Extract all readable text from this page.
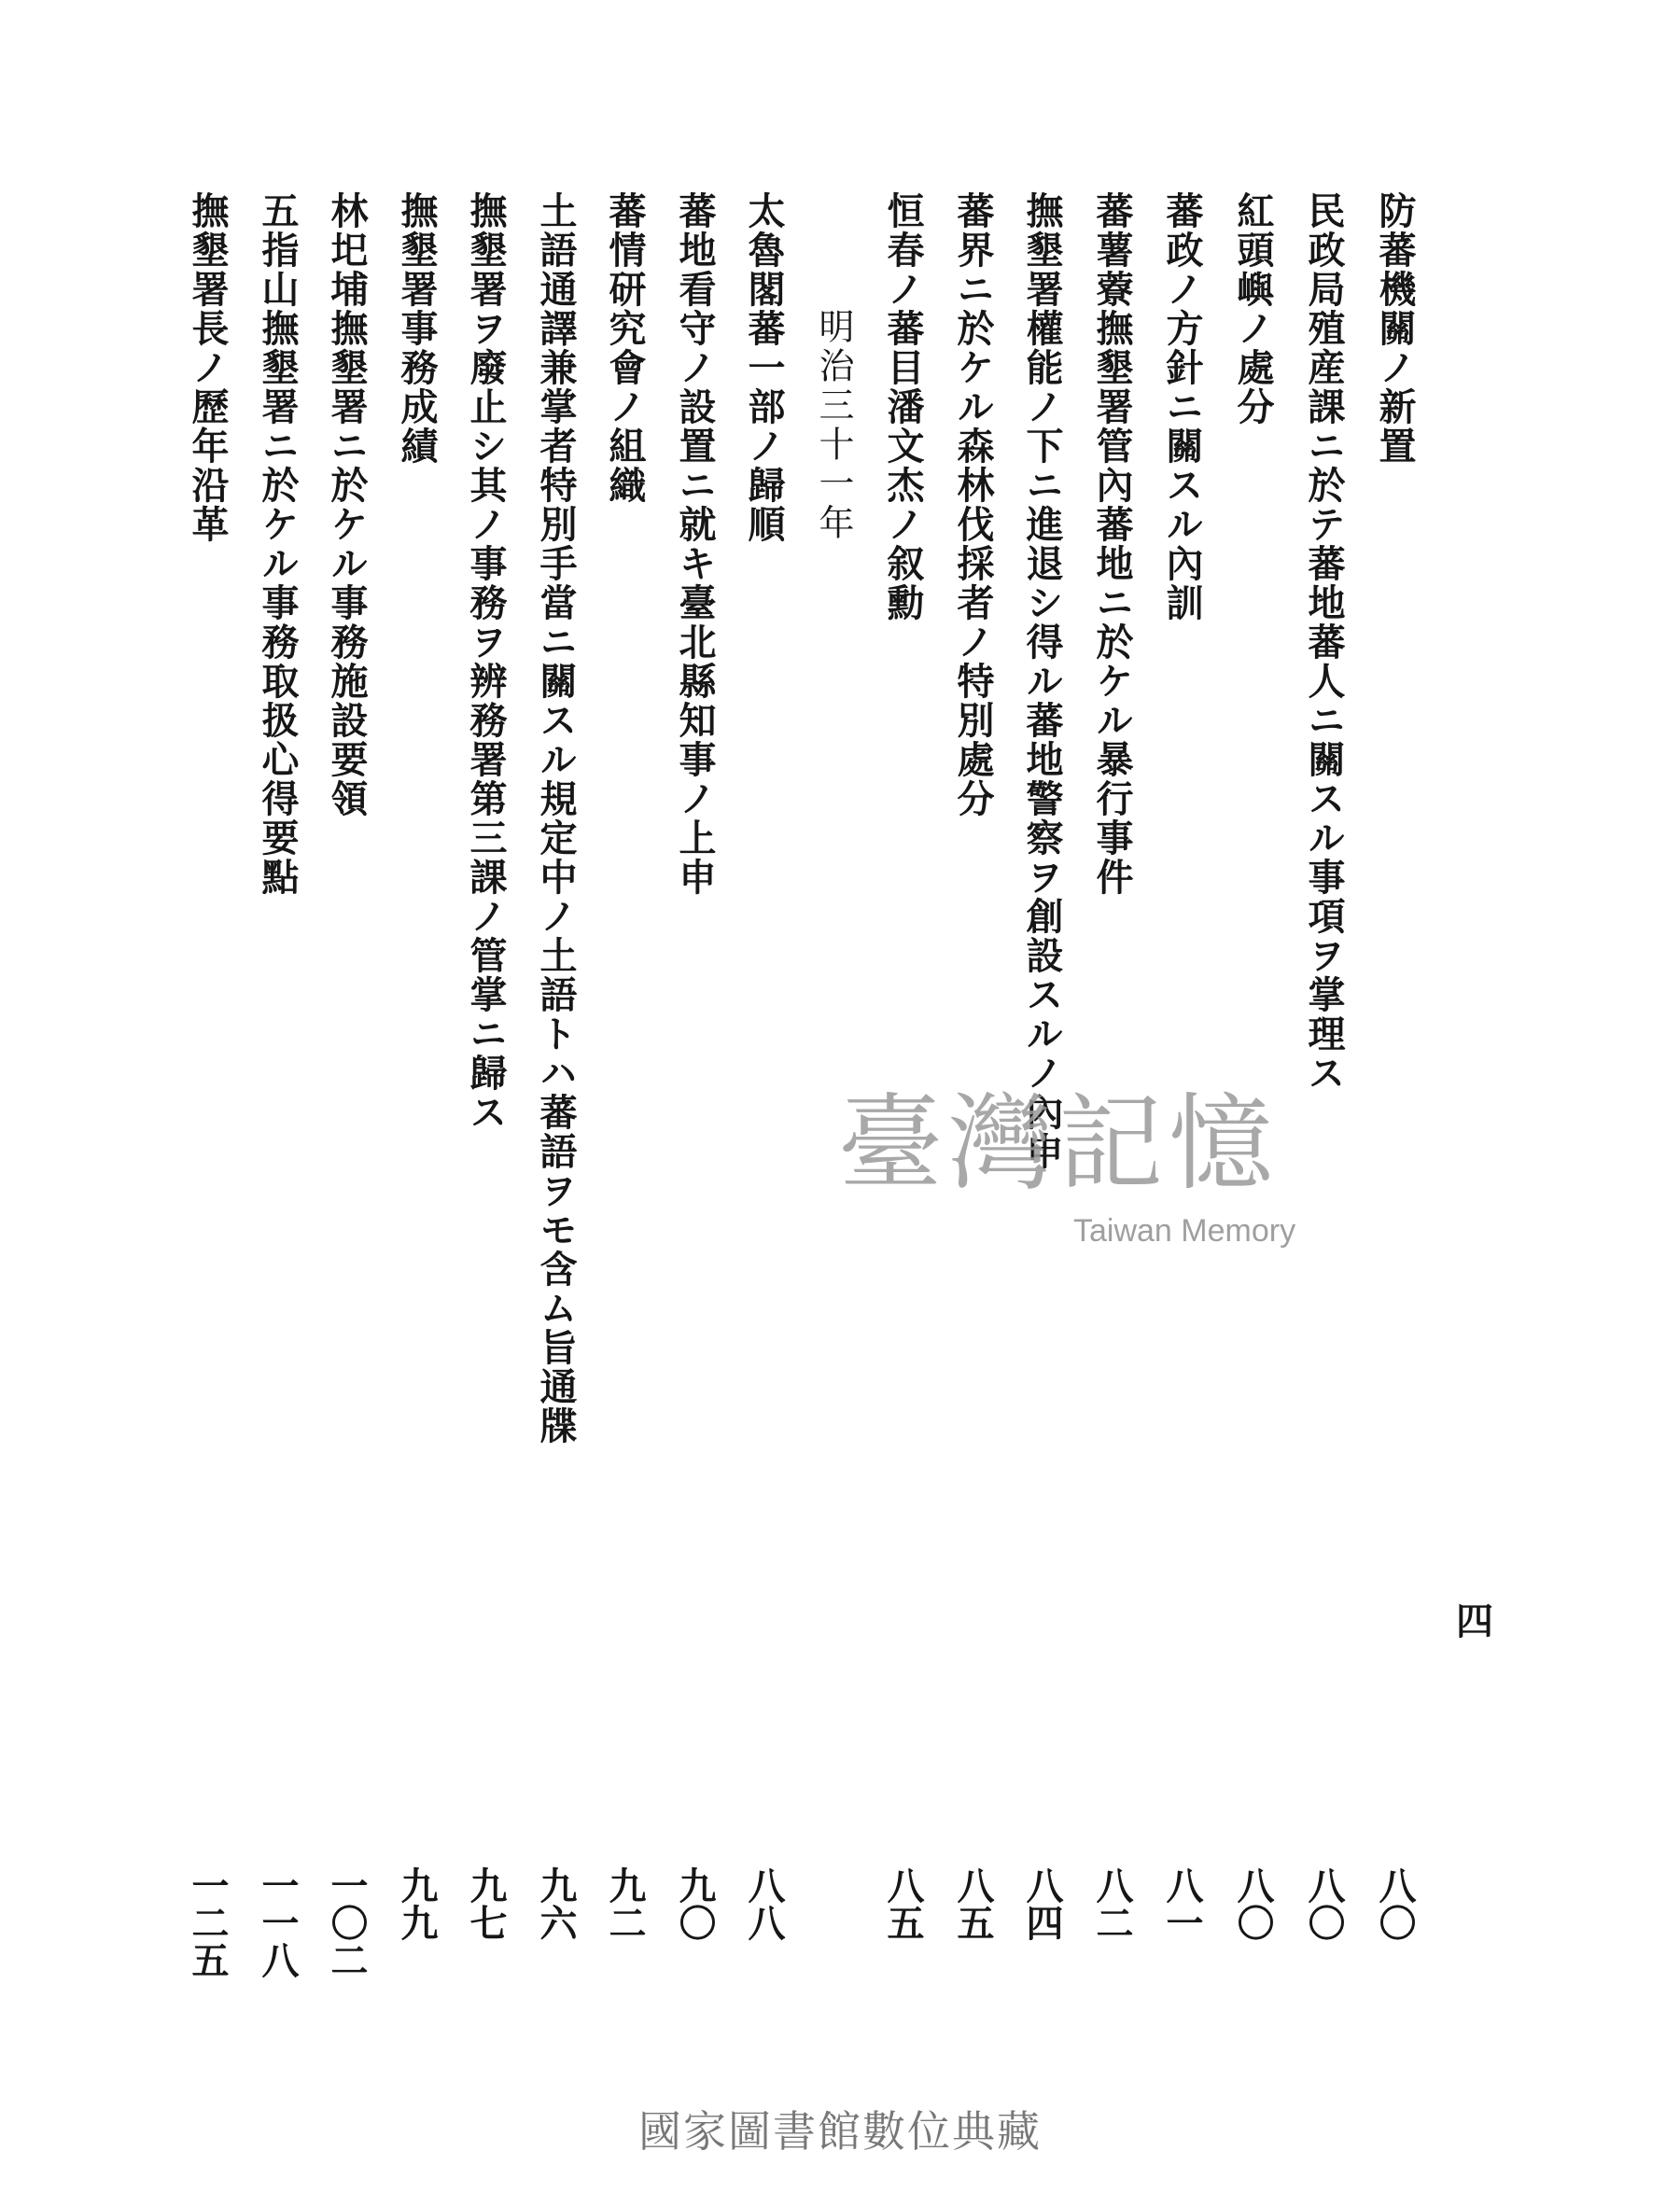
防蕃機關ノ新置
民政局殖産課ニ於テ蕃地蕃人ニ關スル事項ヲ掌理ス
紅頭嶼ノ處分
蕃政ノ方針ニ關スル內訓
蕃薯藔撫墾署管內蕃地ニ於ケル暴行事件
撫墾署權能ノ下ニ進退シ得ル蕃地警察ヲ創設スルノ內申
蕃界ニ於ケル森林伐採者ノ特別處分
恒春ノ蕃目潘文杰ノ叙勳
明治三十一年
太魯閣蕃一部ノ歸順
蕃地看守ノ設置ニ就キ臺北縣知事ノ上申
蕃情研究會ノ組織
土語通譯兼掌者特別手當ニ關スル規定中ノ土語トハ蕃語ヲモ含ム旨通牒
撫墾署ヲ廢止シ其ノ事務ヲ辨務署第三課ノ管掌ニ歸ス
撫墾署事務成績
林圯埔撫墾署ニ於ケル事務施設要領
五指山撫墾署ニ於ケル事務取扱心得要點
撫墾署長ノ歷年沿革
四
八〇
八〇
八〇
八一
八二
八四
八五
八五
八八
九〇
九二
九六
九七
九九
一〇二
一一八
一二五
臺灣記憶
Taiwan Memory
國家圖書館數位典藏
